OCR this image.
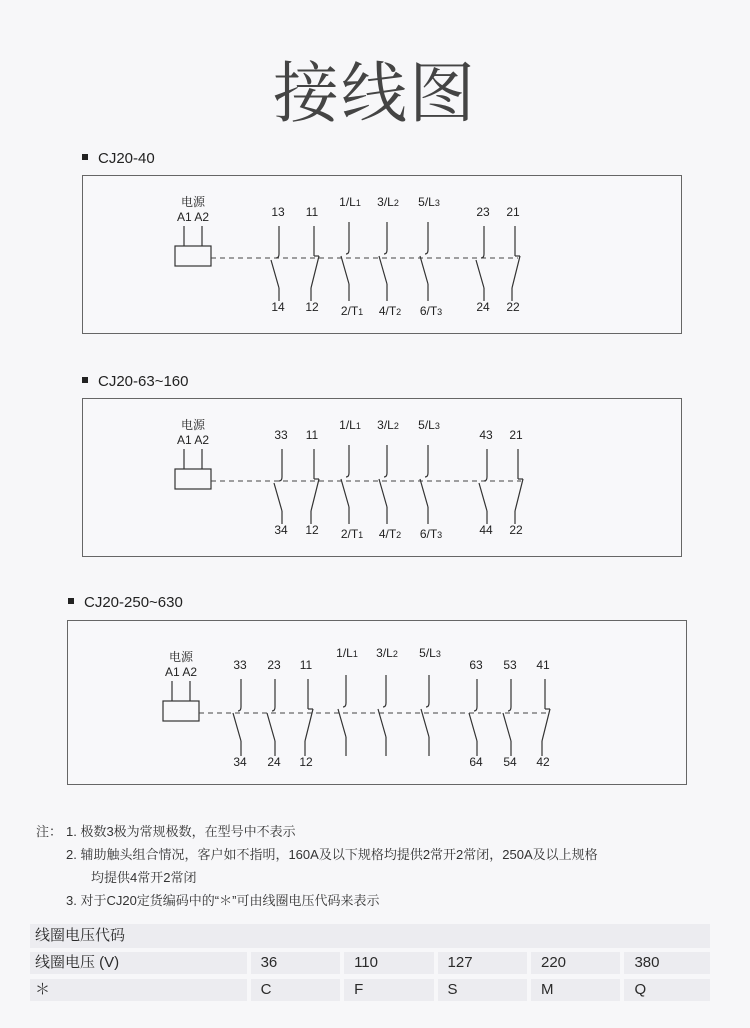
接线图
CJ20-40
电源
A1 A2	13
14
11
12
1/L1
2/T1
3/L2
4/T2
5/L3
6/T3
23
24
21
22
CJ20-63~160
电源
A1 A2	33
34
11
12
1/L1
2/T1
3/L2
4/T2
5/L3
6/T3
43
44
21
22
CJ20-250~630
电源
A1 A2	33
34
23
24
11
12
1/L1 3/L2 5/L3
63
64
53
54
41
42
注： 1. 极数3极为常规极数，在型号中不表示
2. 辅助触头组合情况，客户如不指明，160A及以下规格均提供2常开2常闭，250A及以上规格
均提供4常开2常闭
3. 对于CJ20定货编码中的“＊”可由线圈电压代码来表示
线圈电压代码
线圈电压 (V)	36	110	127	220	380
＊	C	F	S	M	Q
